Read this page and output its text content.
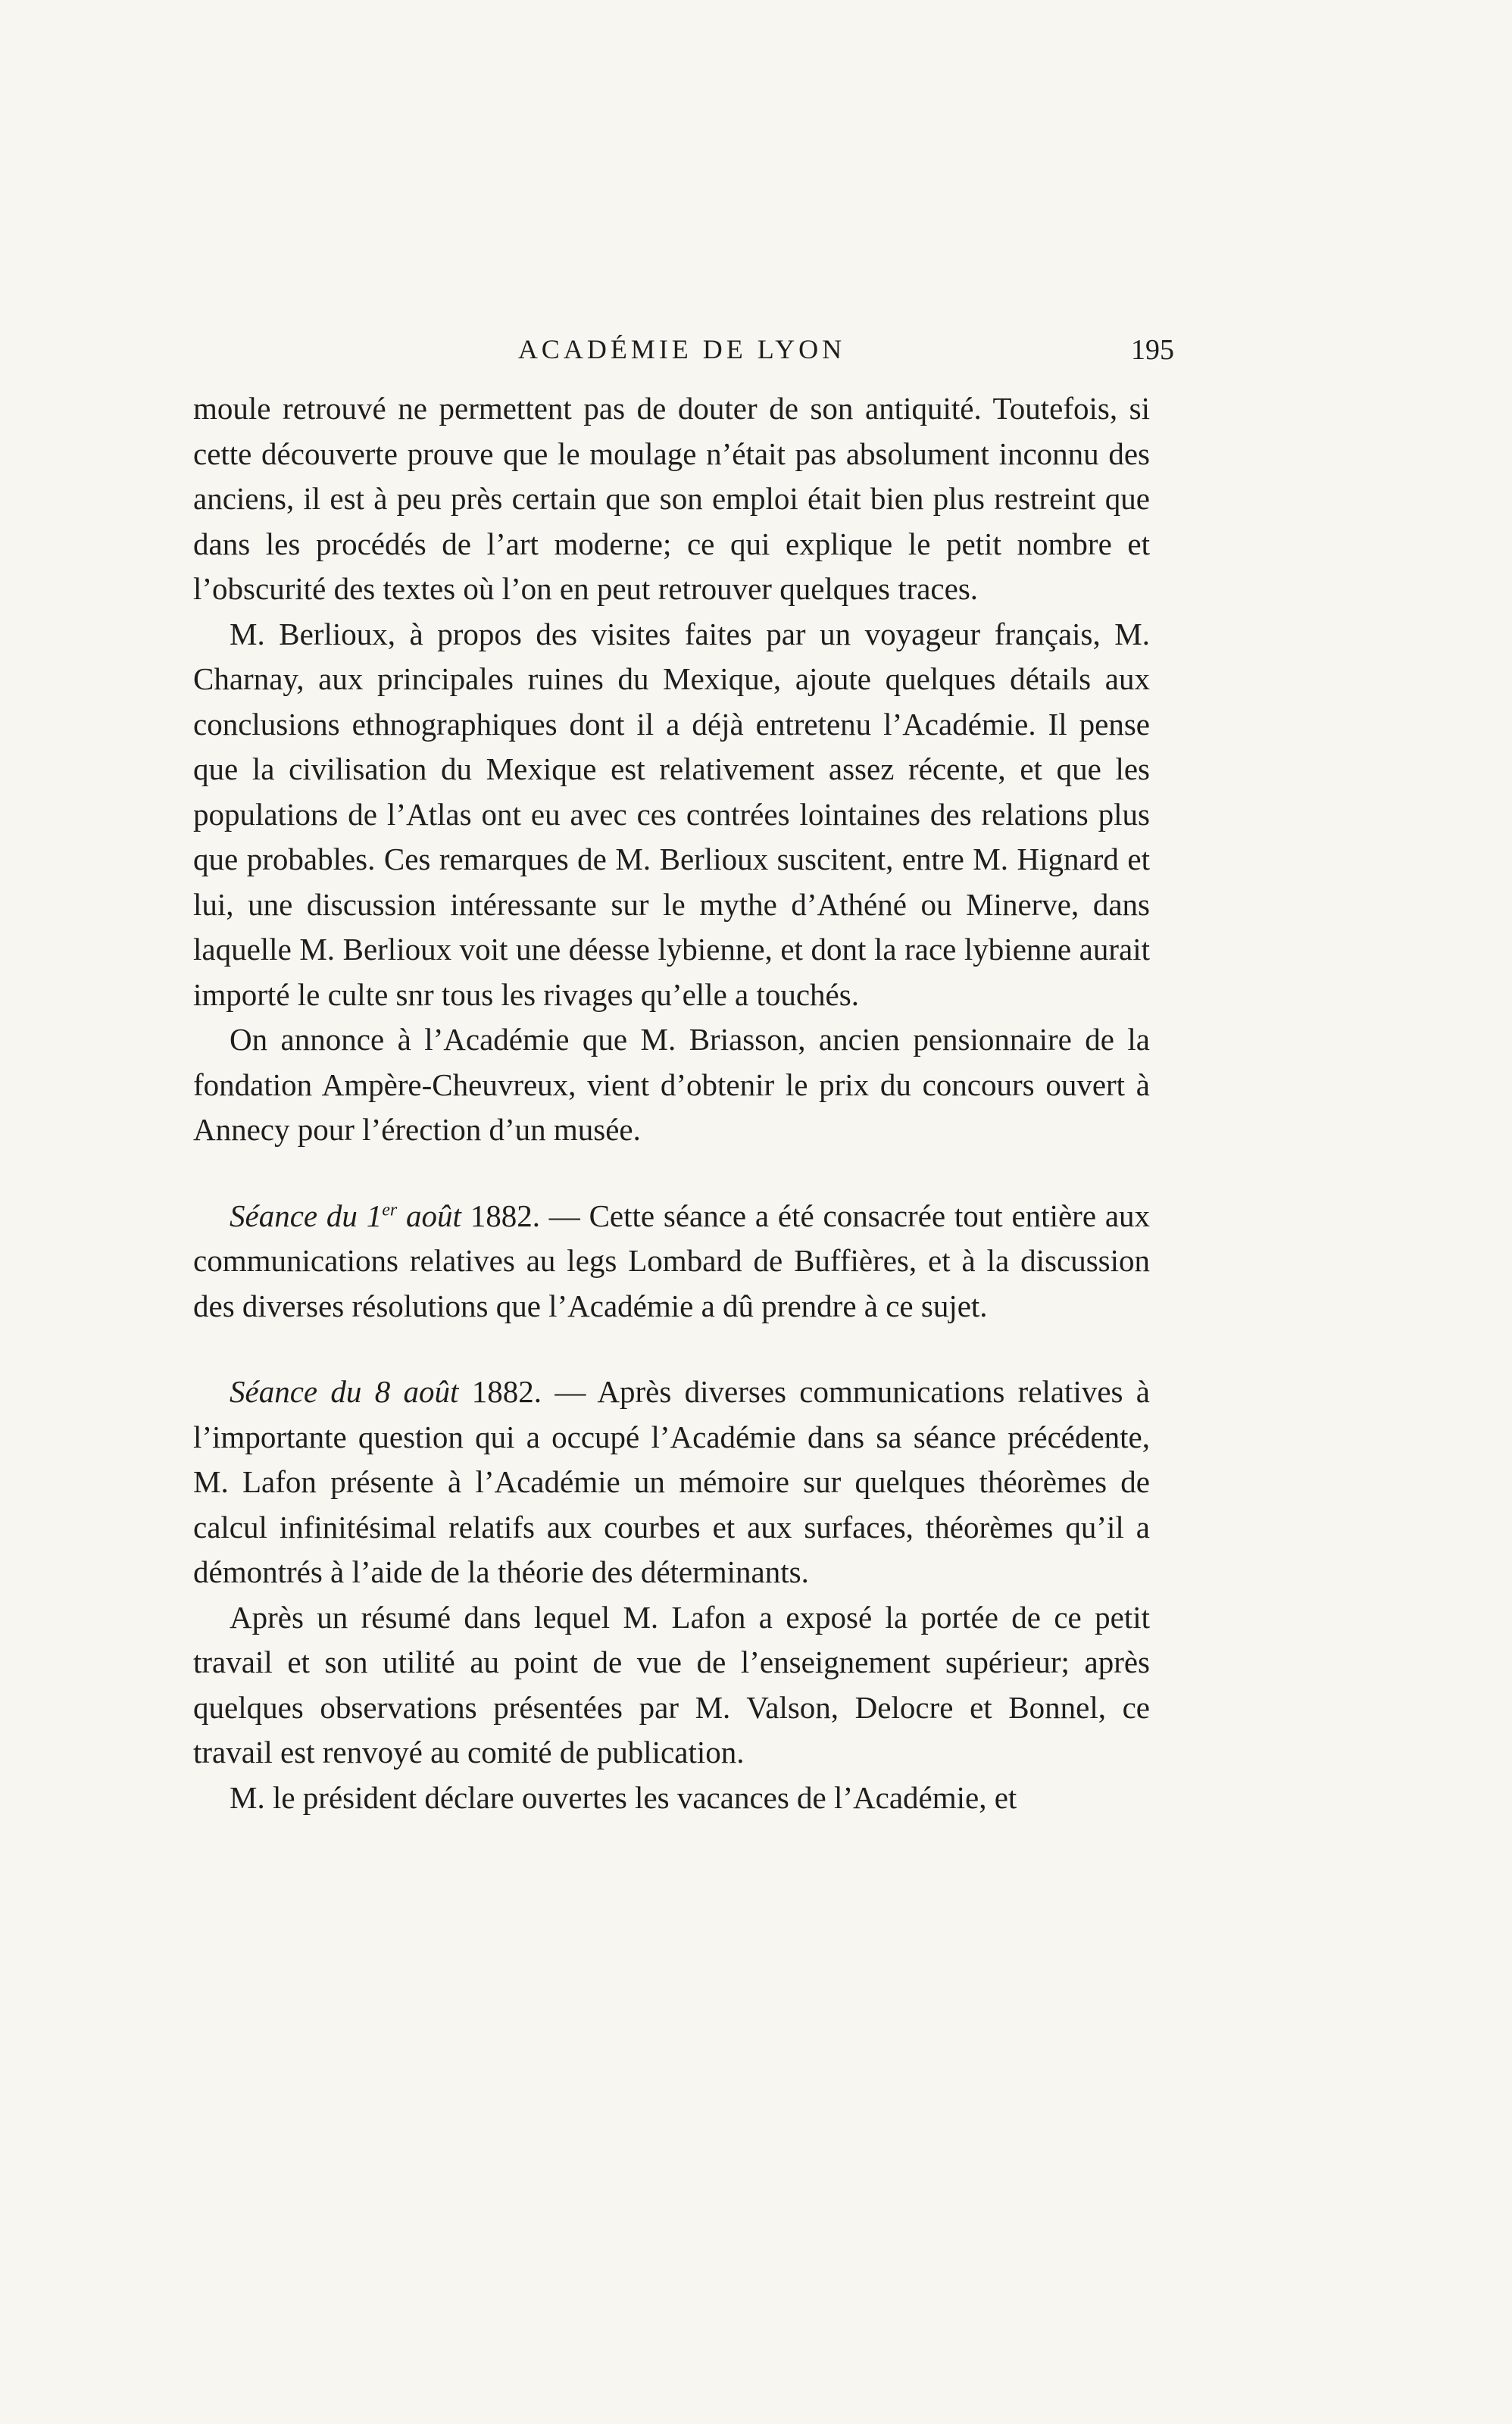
ACADÉMIE DE LYON	195

moule retrouvé ne permettent pas de douter de son antiquité. Toutefois, si cette découverte prouve que le moulage n’était pas absolument inconnu des anciens, il est à peu près certain que son emploi était bien plus restreint que dans les procédés de l’art moderne; ce qui explique le petit nombre et l’obscurité des textes où l’on en peut retrouver quelques traces.

M. Berlioux, à propos des visites faites par un voyageur français, M. Charnay, aux principales ruines du Mexique, ajoute quelques détails aux conclusions ethnographiques dont il a déjà entretenu l’Académie. Il pense que la civilisation du Mexique est relativement assez récente, et que les populations de l’Atlas ont eu avec ces contrées lointaines des relations plus que probables. Ces remarques de M. Berlioux suscitent, entre M. Hignard et lui, une discussion intéressante sur le mythe d’Athéné ou Minerve, dans laquelle M. Berlioux voit une déesse lybienne, et dont la race lybienne aurait importé le culte snr tous les rivages qu’elle a touchés.

On annonce à l’Académie que M. Briasson, ancien pensionnaire de la fondation Ampère-Cheuvreux, vient d’obtenir le prix du concours ouvert à Annecy pour l’érection d’un musée.

Séance du 1er août 1882. — Cette séance a été consacrée tout entière aux communications relatives au legs Lombard de Buffières, et à la discussion des diverses résolutions que l’Académie a dû prendre à ce sujet.

Séance du 8 août 1882. — Après diverses communications relatives à l’importante question qui a occupé l’Académie dans sa séance précédente, M. Lafon présente à l’Académie un mémoire sur quelques théorèmes de calcul infinitésimal relatifs aux courbes et aux surfaces, théorèmes qu’il a démontrés à l’aide de la théorie des déterminants.

Après un résumé dans lequel M. Lafon a exposé la portée de ce petit travail et son utilité au point de vue de l’enseignement supérieur; après quelques observations présentées par M. Valson, Delocre et Bonnel, ce travail est renvoyé au comité de publication.

M. le président déclare ouvertes les vacances de l’Académie, et
